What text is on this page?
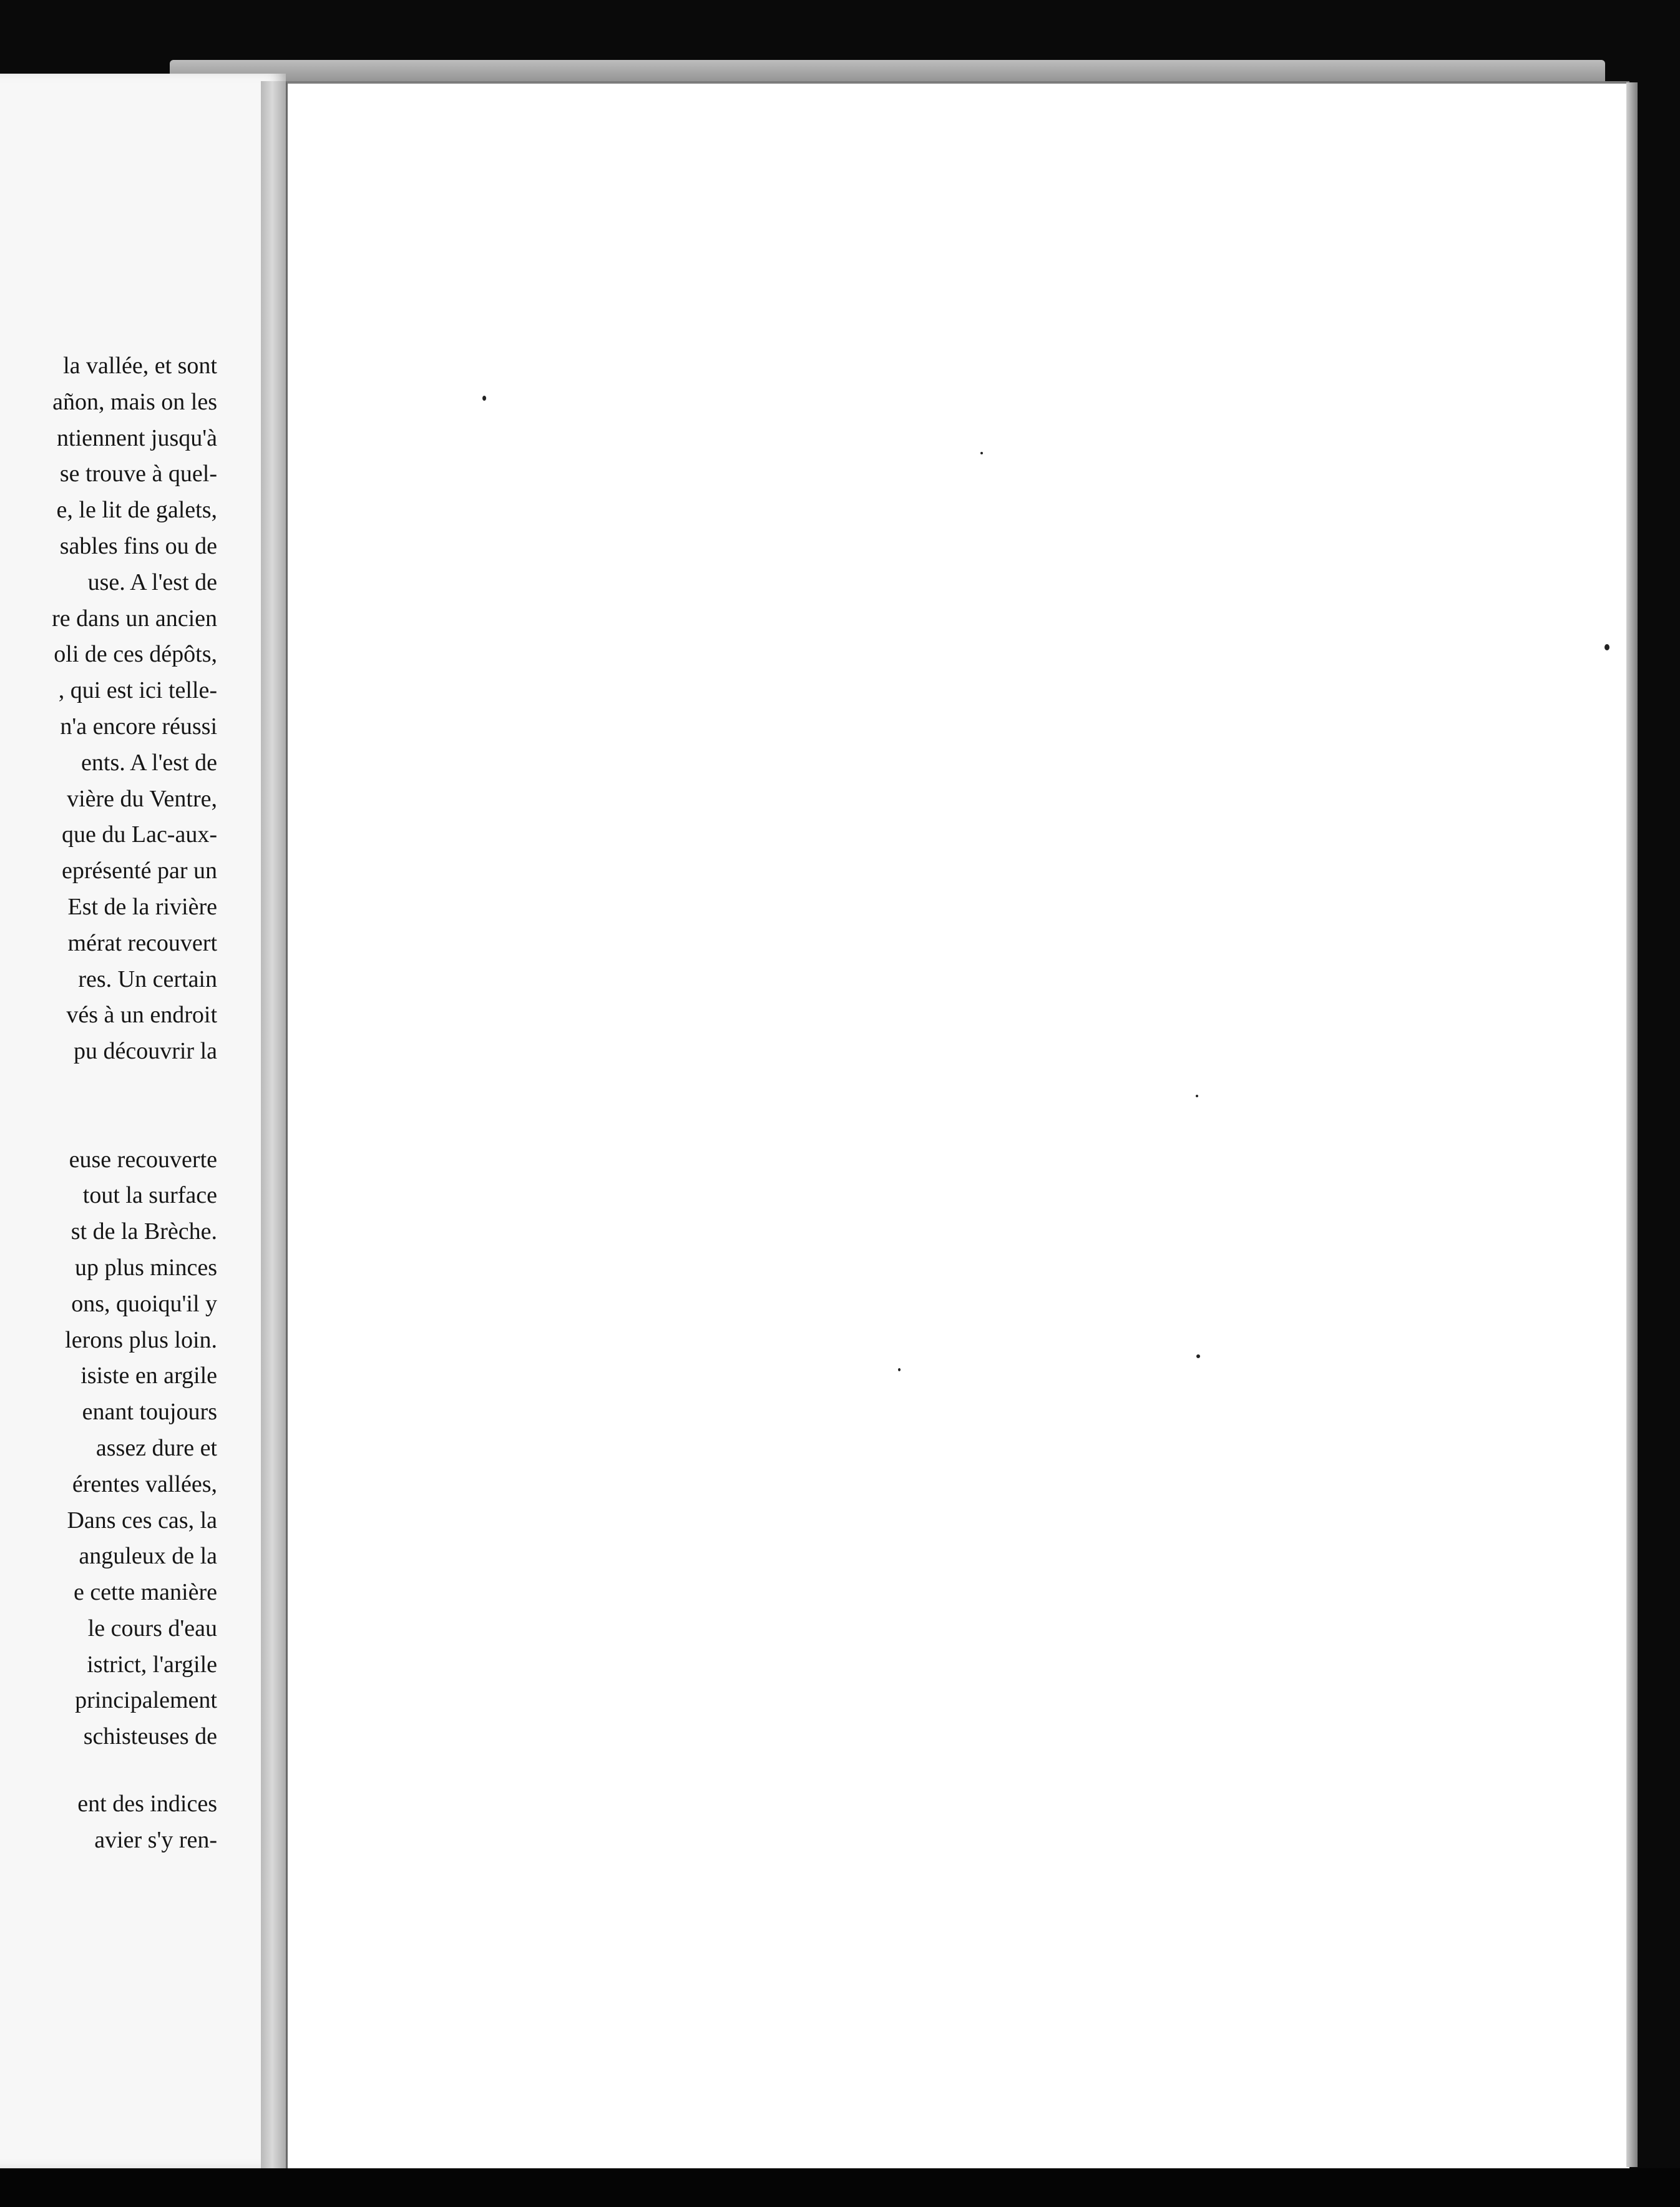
la vallée, et sont
añon, mais on les
ntiennent jusqu'à
se trouve à quel-
e, le lit de galets,
sables fins ou de
use. A l'est de
re dans un ancien
oli de ces dépôts,
, qui est ici telle-
n'a encore réussi
ents. A l'est de
vière du Ventre,
que du Lac-aux-
eprésenté par un
Est de la rivière
mérat recouvert
res. Un certain
vés à un endroit
pu découvrir la
euse recouverte
tout la surface
st de la Brèche.
up plus minces
ons, quoiqu'il y
lerons plus loin.
isiste en argile
enant toujours
assez dure et
érentes vallées,
Dans ces cas, la
anguleux de la
e cette manière
le cours d'eau
istrict, l'argile
principalement
schisteuses de
ent des indices
avier s'y ren-
